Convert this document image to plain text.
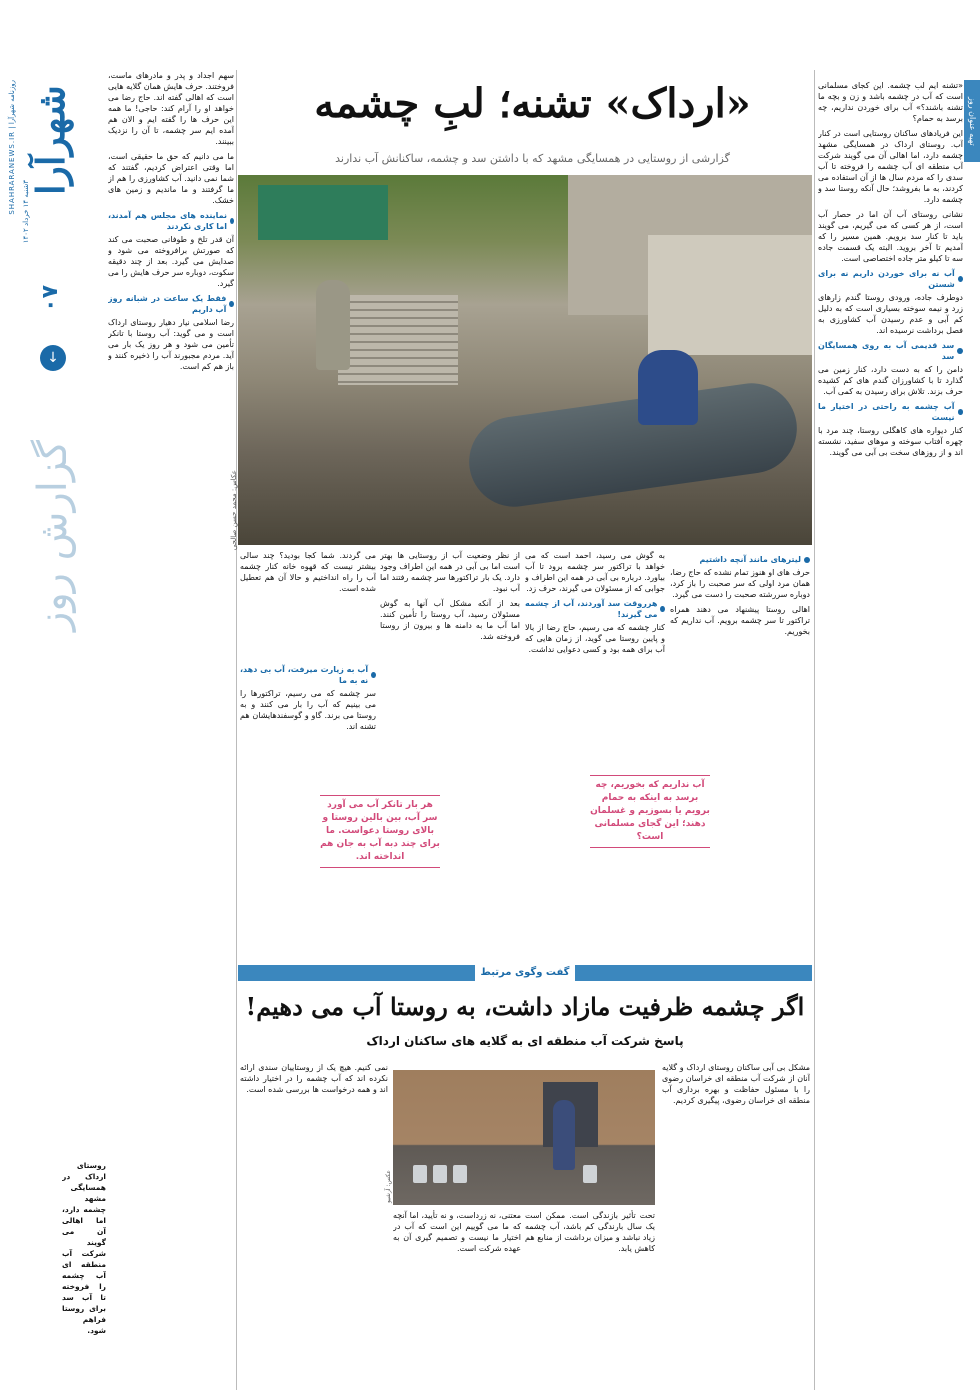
شهرآرا
روزنامه شهرآرا | SHAHRARANEWS.IR
۳شنبه ۱۴ خرداد ۱۴۰۲
۰۷
↓
گزارش روز

سهم اجداد و پدر و مادرهای ماست، فروختند. حرف هایش همان گلایه هایی است که اهالی گفته اند. حاج رضا می خواهد او را آرام کند: حاجی! ما همه این حرف ها را گفته ایم و الان هم آمده ایم سر چشمه، تا آن را نزدیک ببینند.

ما می دانیم که حق ما حقیقی است، اما وقتی اعتراض کردیم، گفتند که شما نمی دانید. آب کشاورزی را هم از ما گرفتند و ما ماندیم و زمین های خشک.

نماینده های مجلس هم آمدند، اما کاری نکردند

آن قدر تلخ و طوفانی صحبت می کند که صورتش برافروخته می شود و صدایش می گیرد. بعد از چند دقیقه سکوت، دوباره سر حرف هایش را می گیرد.

فقط یک ساعت در شبانه روز آب داریم

رضا اسلامی نیار دهیار روستای ارداک است و می گوید: آب روستا با تانکر تأمین می شود و هر روز یک بار می آید. مردم مجبورند آب را ذخیره کنند و باز هم کم است.

روستای ارداک در همسایگی مشهد چشمه دارد، اما اهالی آن می گویند شرکت آب منطقه ای آب چشمه را فروخته تا آب سد برای روستا فراهم شود.
تهیه عنوان روز

«تشنه ایم لب چشمه. این کجای مسلمانی است که آب در چشمه باشد و زن و بچه ما تشنه باشند؟» آب برای خوردن نداریم، چه برسد به حمام؟

این فریادهای ساکنان روستایی است در کنار آب. روستای ارداک در همسایگی مشهد چشمه دارد، اما اهالی آن می گویند شرکت آب منطقه ای آب چشمه را فروخته تا آب سدی را که مردم سال ها از آن استفاده می کردند، به ما بفروشد؛ حال آنکه روستا سد و چشمه دارد.

نشانی روستای آب آن اما در حصار آب است، از هر کسی که می گیریم، می گویند باید تا کنار سد برویم. همین مسیر را که آمدیم تا آخر بروید. البته یک قسمت جاده سه تا کیلو متر جاده اختصاصی است.

آب نه برای خوردن داریم نه برای شستن

دوطرف جاده، ورودی روستا گندم زارهای زرد و نیمه سوخته بسیاری است که به دلیل کم آبی و عدم رسیدن آب کشاورزی به فصل برداشت نرسیده اند.

سد قدیمی آب به روی همسایگان سد

دامن را که به دست دارد، کنار زمین می گذارد تا با کشاورزان گندم های کم کشیده حرف بزند. تلاش برای رسیدن به کمی آب.

آب چشمه به راحتی در اختیار ما نیست

کنار دیواره های کاهگلی روستا، چند مرد با چهره آفتاب سوخته و موهای سفید، نشسته اند و از روزهای سخت بی آبی می گویند.

«ارداک» تشنه؛ لبِ چشمه
گزارشی از روستایی در همسایگی مشهد که با داشتن سد و چشمه، ساکنانش آب ندارند
عکاس: محمد حسن صالحی
لیترهای مانند آنچه داشتیم

حرف های او هنوز تمام نشده که حاج رضا، همان مرد اولی که سر صحبت را باز کرد، دوباره سررشته صحبت را دست می گیرد.

اهالی روستا پیشنهاد می دهند همراه تراکتور تا سر چشمه برویم. آب نداریم که بخوریم.

به گوش می رسید، احمد است که می خواهد با تراکتور سر چشمه برود تا آب بیاورد. درباره بی آبی در همه این اطراف و جوابی که از مسئولان می گیرند، حرف زد.

هرروقت سد آوردند، آب از چشمه می گیرند!

کنار چشمه که می رسیم، حاج رضا از بالا و پایین روستا می گوید، از زمان هایی که آب برای همه بود و کسی دعوایی نداشت.

از نظر وضعیت آب از روستایی ها بهتر است اما بی آبی در همه این اطراف وجود دارد. یک بار تراکتورها سر چشمه رفتند اما آب نبود.

بعد از آنکه مشکل آب آنها به گوش مسئولان رسید، آب روستا را تأمین کنند. اما آب ما به دامنه ها و بیرون از روستا فروخته شد.

می گردند. شما کجا بودید؟ چند سالی بیشتر نیست که قهوه خانه کنار چشمه آب را راه انداختیم و حالا آن هم تعطیل شده است.

آب به زیارت میرفت، آب بی دهد، نه به ما

سر چشمه که می رسیم، تراکتورها را می بینیم که آب را بار می کنند و به روستا می برند. گاو و گوسفندهایشان هم تشنه اند.

هر بار تانکر آب می آورد سر آب، بین بالین روستا و بالای روستا دعواست. ما برای چند دبه آب به جان هم انداخته اند.
آب نداریم که بخوریم، چه برسد به اینکه به حمام برویم یا بسوزیم و غسلمان دهند؛ این گجای مسلمانی است؟
گفت وگوی مرتبط
اگر چشمه ظرفیت مازاد داشت، به روستا آب می دهیم!
پاسخ شرکت آب منطقه ای به گلایه های ساکنان ارداک

مشکل بی آبی ساکنان روستای ارداک و گلایه آنان از شرکت آب منطقه ای خراسان رضوی را با مسئول حفاظت و بهره برداری آب منطقه ای خراسان رضوی، پیگیری کردیم.

تحت تأثیر بازندگی است. ممکن است یک سال بارندگی کم باشد، آب چشمه زیاد نباشد و میزان برداشت از منابع هم کاهش یابد.

معتنی، نه زرداست، و نه تأیید، اما آنچه که ما می گوییم این است که آب در اختیار ما نیست و تصمیم گیری آن به عهده شرکت است.

نمی کنیم. هیچ یک از روستاییان سندی ارائه نکرده اند که آب چشمه را در اختیار داشته اند و همه درخواست ها بررسی شده است.

عکس: آرشیو
